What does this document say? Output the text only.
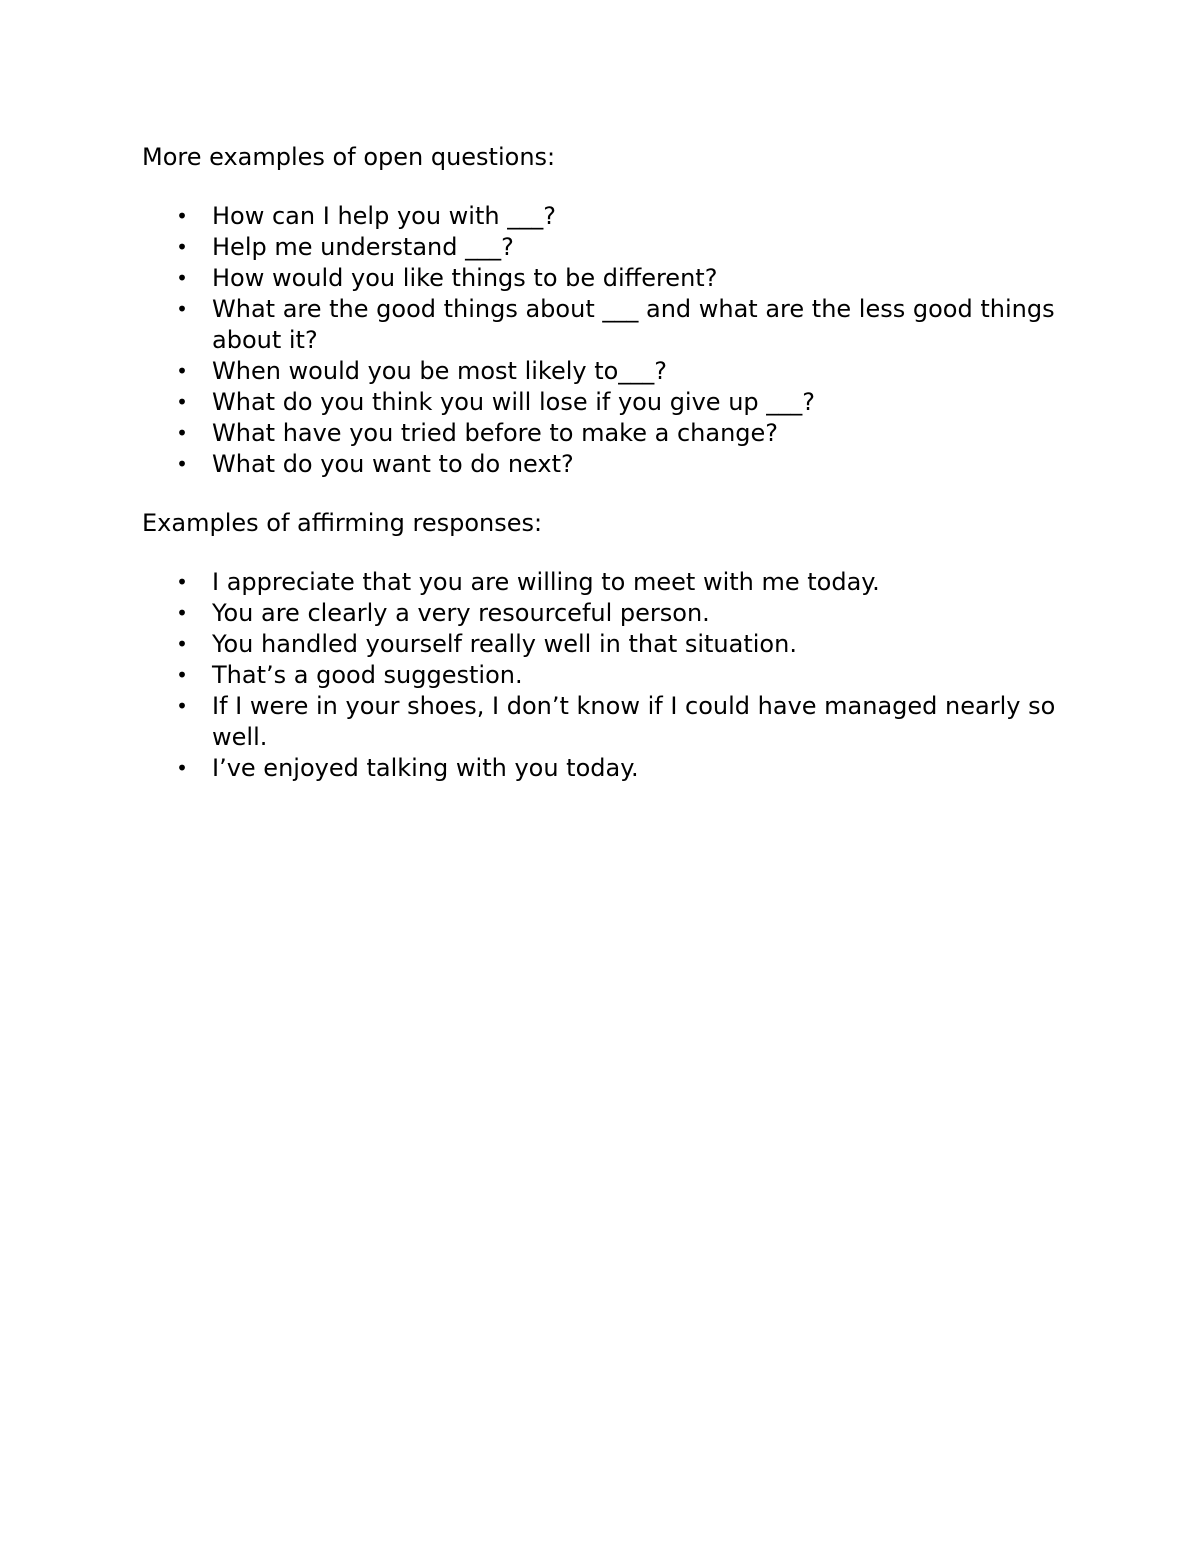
More examples of open questions:

• How can I help you with ___?
• Help me understand ___?
• How would you like things to be different?
• What are the good things about ___ and what are the less good things about it?
• When would you be most likely to___?
• What do you think you will lose if you give up ___?
• What have you tried before to make a change?
• What do you want to do next?

Examples of affirming responses:

• I appreciate that you are willing to meet with me today.
• You are clearly a very resourceful person.
• You handled yourself really well in that situation.
• That’s a good suggestion.
• If I were in your shoes, I don’t know if I could have managed nearly so well.
• I’ve enjoyed talking with you today.
